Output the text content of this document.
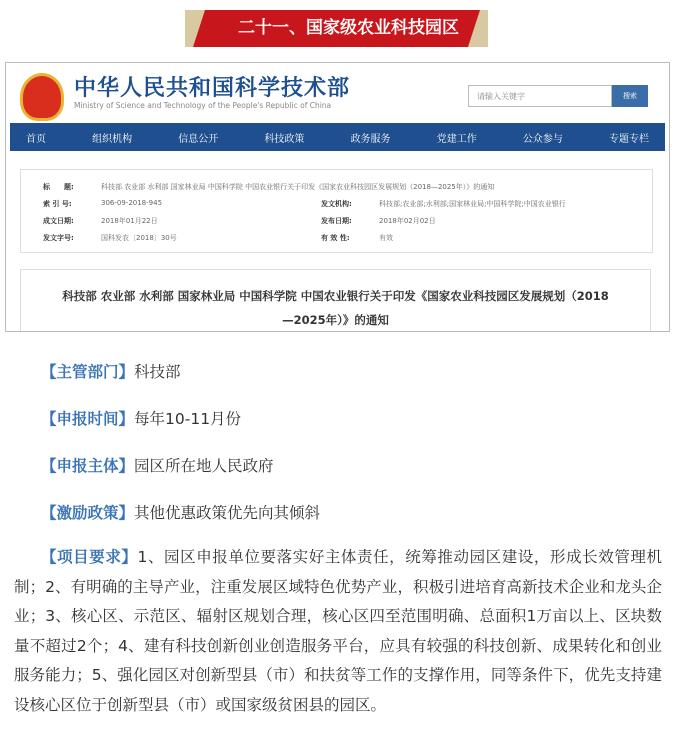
二十一、国家级农业科技园区
中华人民共和国科学技术部
Ministry of Science and Technology of the People's Republic of China
请输入关键字	搜索
首页	组织机构	信息公开	科技政策	政务服务	党建工作	公众参与	专题专栏
标　　题:	科技部 农业部 水利部 国家林业局 中国科学院 中国农业银行关于印发《国家农业科技园区发展规划（2018—2025年）》的通知
索 引 号:	306-09-2018-945	发文机构:	科技部;农业部;水利部;国家林业局;中国科学院;中国农业银行
成文日期:	2018年01月22日	发布日期:	2018年02月02日
发文字号:	国科发农〔2018〕30号	有 效 性:	有效
科技部 农业部 水利部 国家林业局 中国科学院 中国农业银行关于印发《国家农业科技园区发展规划（2018—2025年）》的通知
【主管部门】科技部
【申报时间】每年10-11月份
【申报主体】园区所在地人民政府
【激励政策】其他优惠政策优先向其倾斜
【项目要求】1、园区申报单位要落实好主体责任，统筹推动园区建设，形成长效管理机制；2、有明确的主导产业，注重发展区域特色优势产业，积极引进培育高新技术企业和龙头企业；3、核心区、示范区、辐射区规划合理，核心区四至范围明确、总面积1万亩以上、区块数量不超过2个；4、建有科技创新创业创造服务平台，应具有较强的科技创新、成果转化和创业服务能力；5、强化园区对创新型县（市）和扶贫等工作的支撑作用，同等条件下，优先支持建设核心区位于创新型县（市）或国家级贫困县的园区。
